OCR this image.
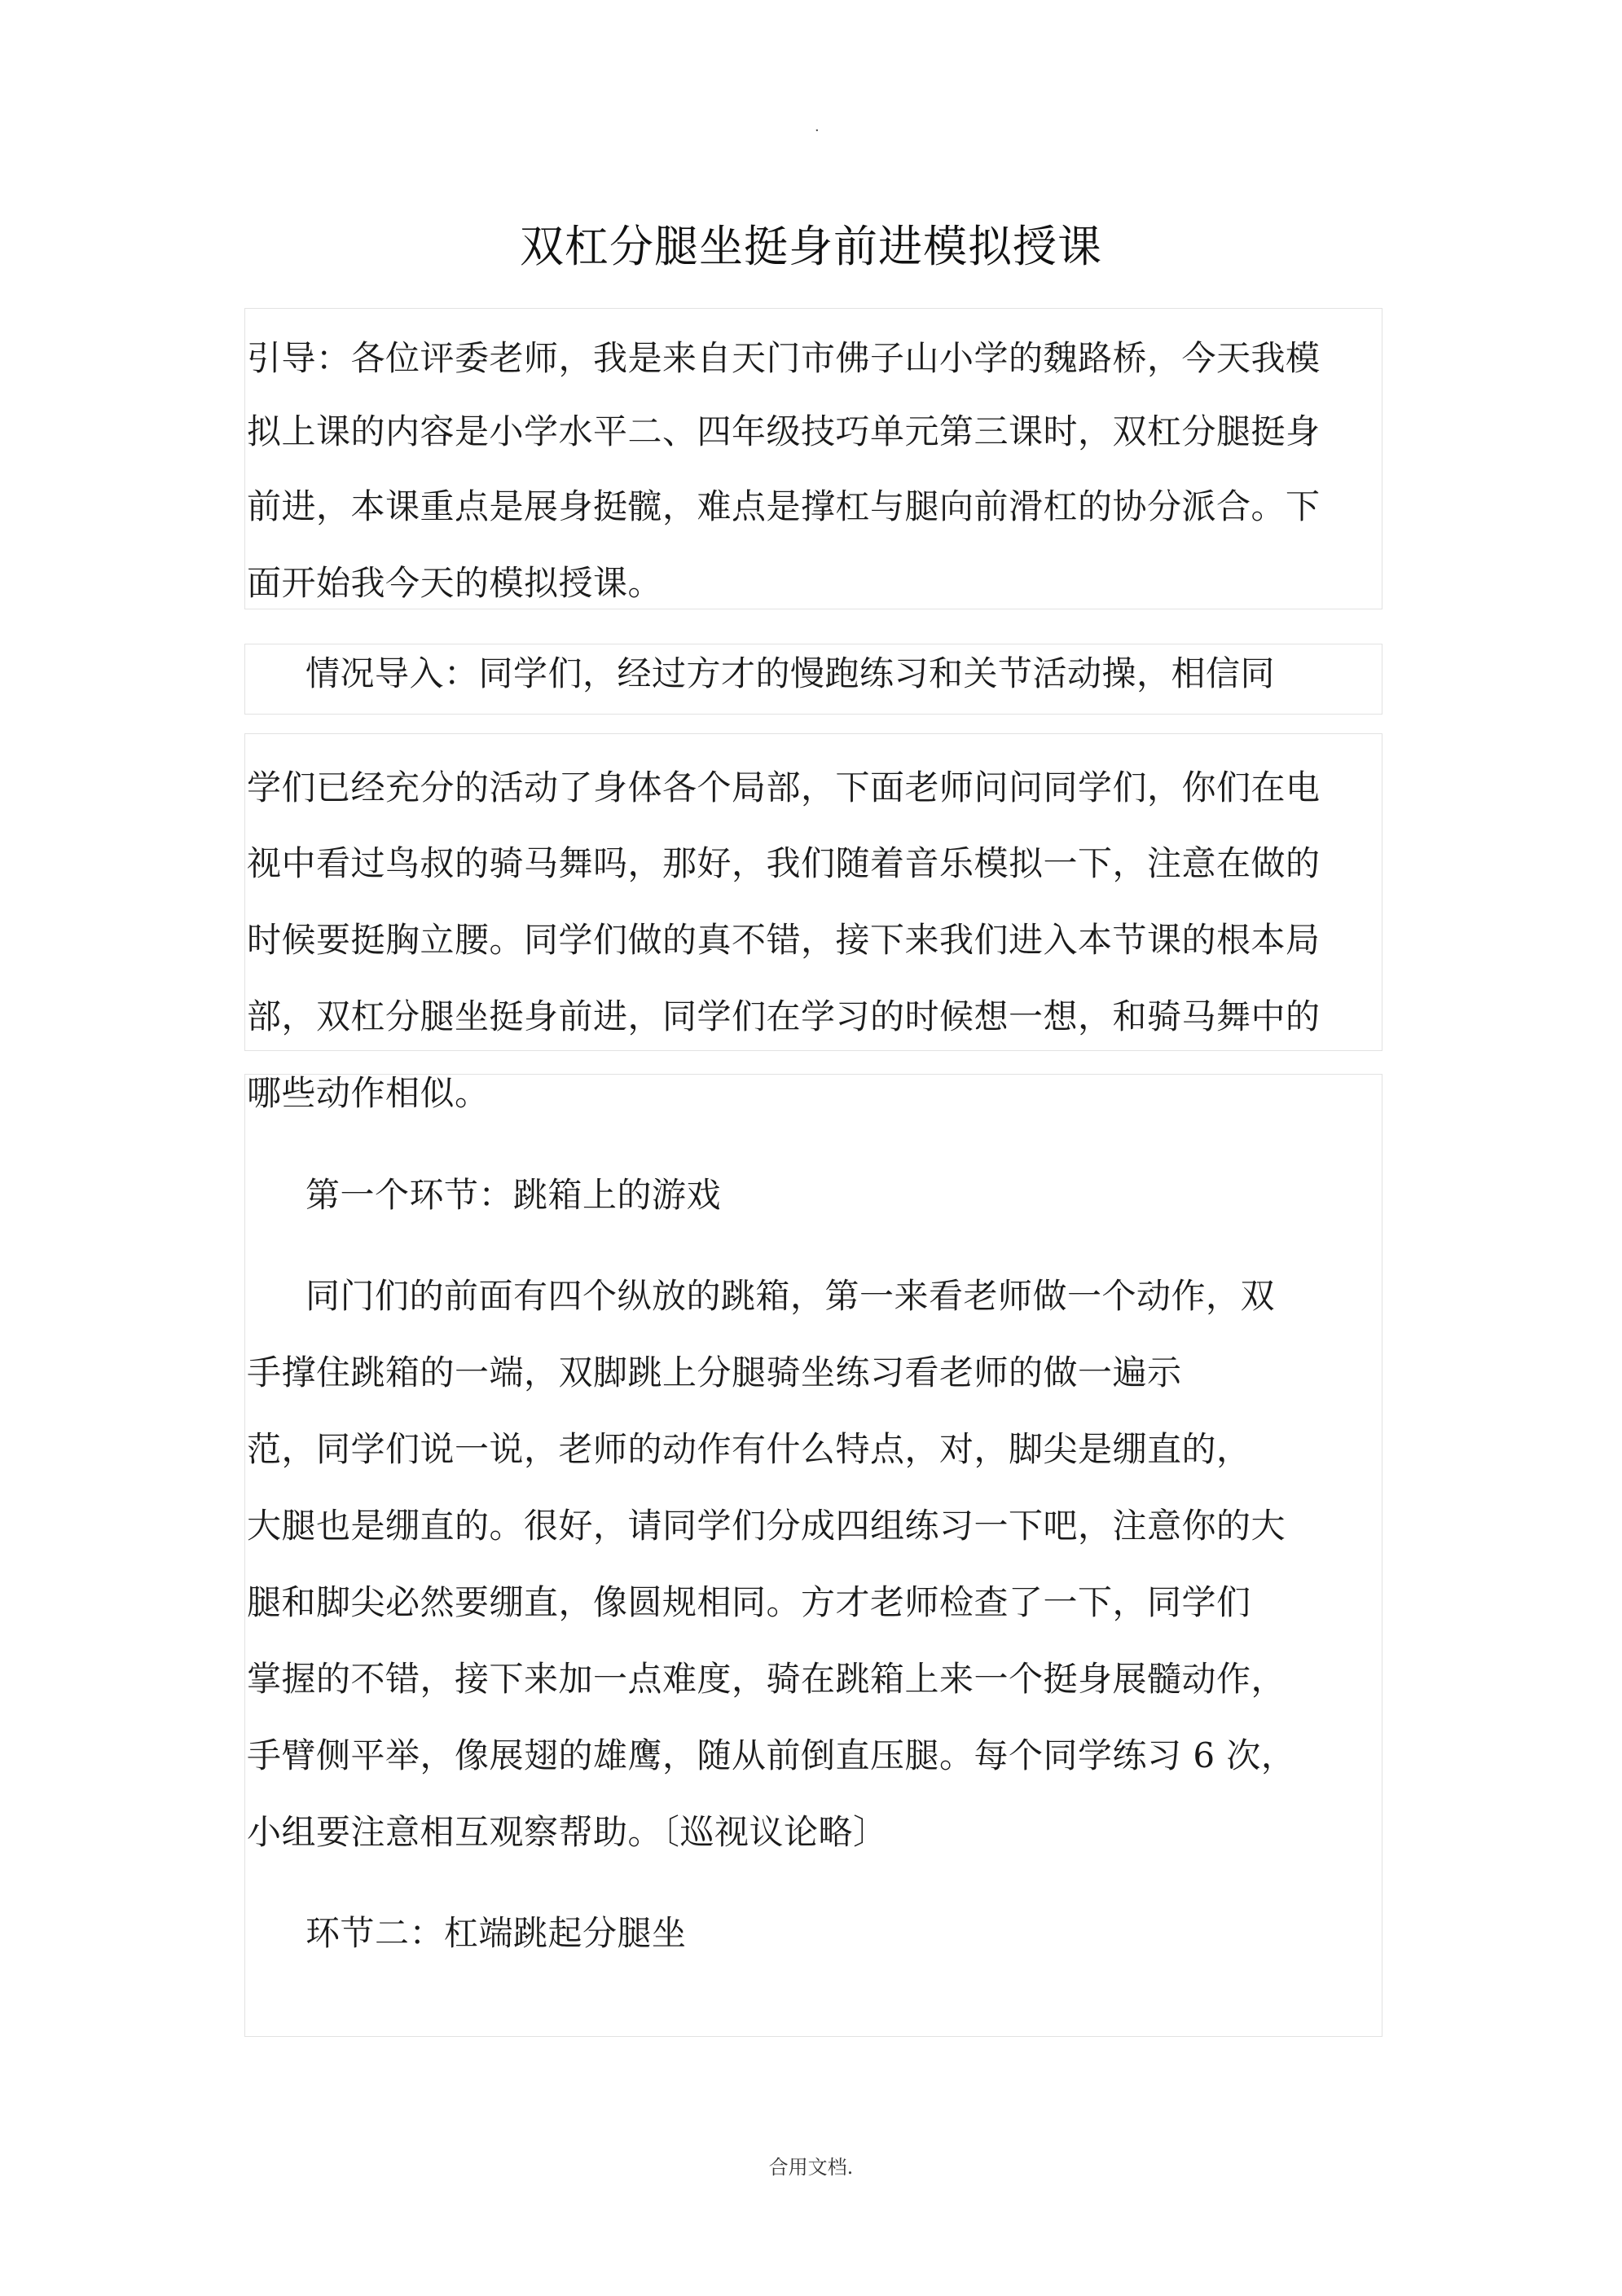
·
双杠分腿坐挺身前进模拟授课
引导：各位评委老师，我是来自天门市佛子山小学的魏路桥，今天我模
拟上课的内容是小学水平二、四年级技巧单元第三课时，双杠分腿挺身
前进，本课重点是展身挺髋，难点是撑杠与腿向前滑杠的协分派合。下
面开始我今天的模拟授课。
情况导入：同学们，经过方才的慢跑练习和关节活动操，相信同
学们已经充分的活动了身体各个局部，下面老师问问同学们，你们在电
视中看过鸟叔的骑马舞吗，那好，我们随着音乐模拟一下，注意在做的
时候要挺胸立腰。同学们做的真不错，接下来我们进入本节课的根本局
部，双杠分腿坐挺身前进，同学们在学习的时候想一想，和骑马舞中的
哪些动作相似。
第一个环节：跳箱上的游戏
同门们的前面有四个纵放的跳箱，第一来看老师做一个动作，双
手撑住跳箱的一端，双脚跳上分腿骑坐练习看老师的做一遍示
范，同学们说一说，老师的动作有什么特点，对，脚尖是绷直的，
大腿也是绷直的。很好，请同学们分成四组练习一下吧，注意你的大
腿和脚尖必然要绷直，像圆规相同。方才老师检查了一下，同学们
掌握的不错，接下来加一点难度，骑在跳箱上来一个挺身展髓动作，
手臂侧平举，像展翅的雄鹰，随从前倒直压腿。每个同学练习 6 次，
小组要注意相互观察帮助。〔巡视议论略〕
环节二：杠端跳起分腿坐
合用文档.
